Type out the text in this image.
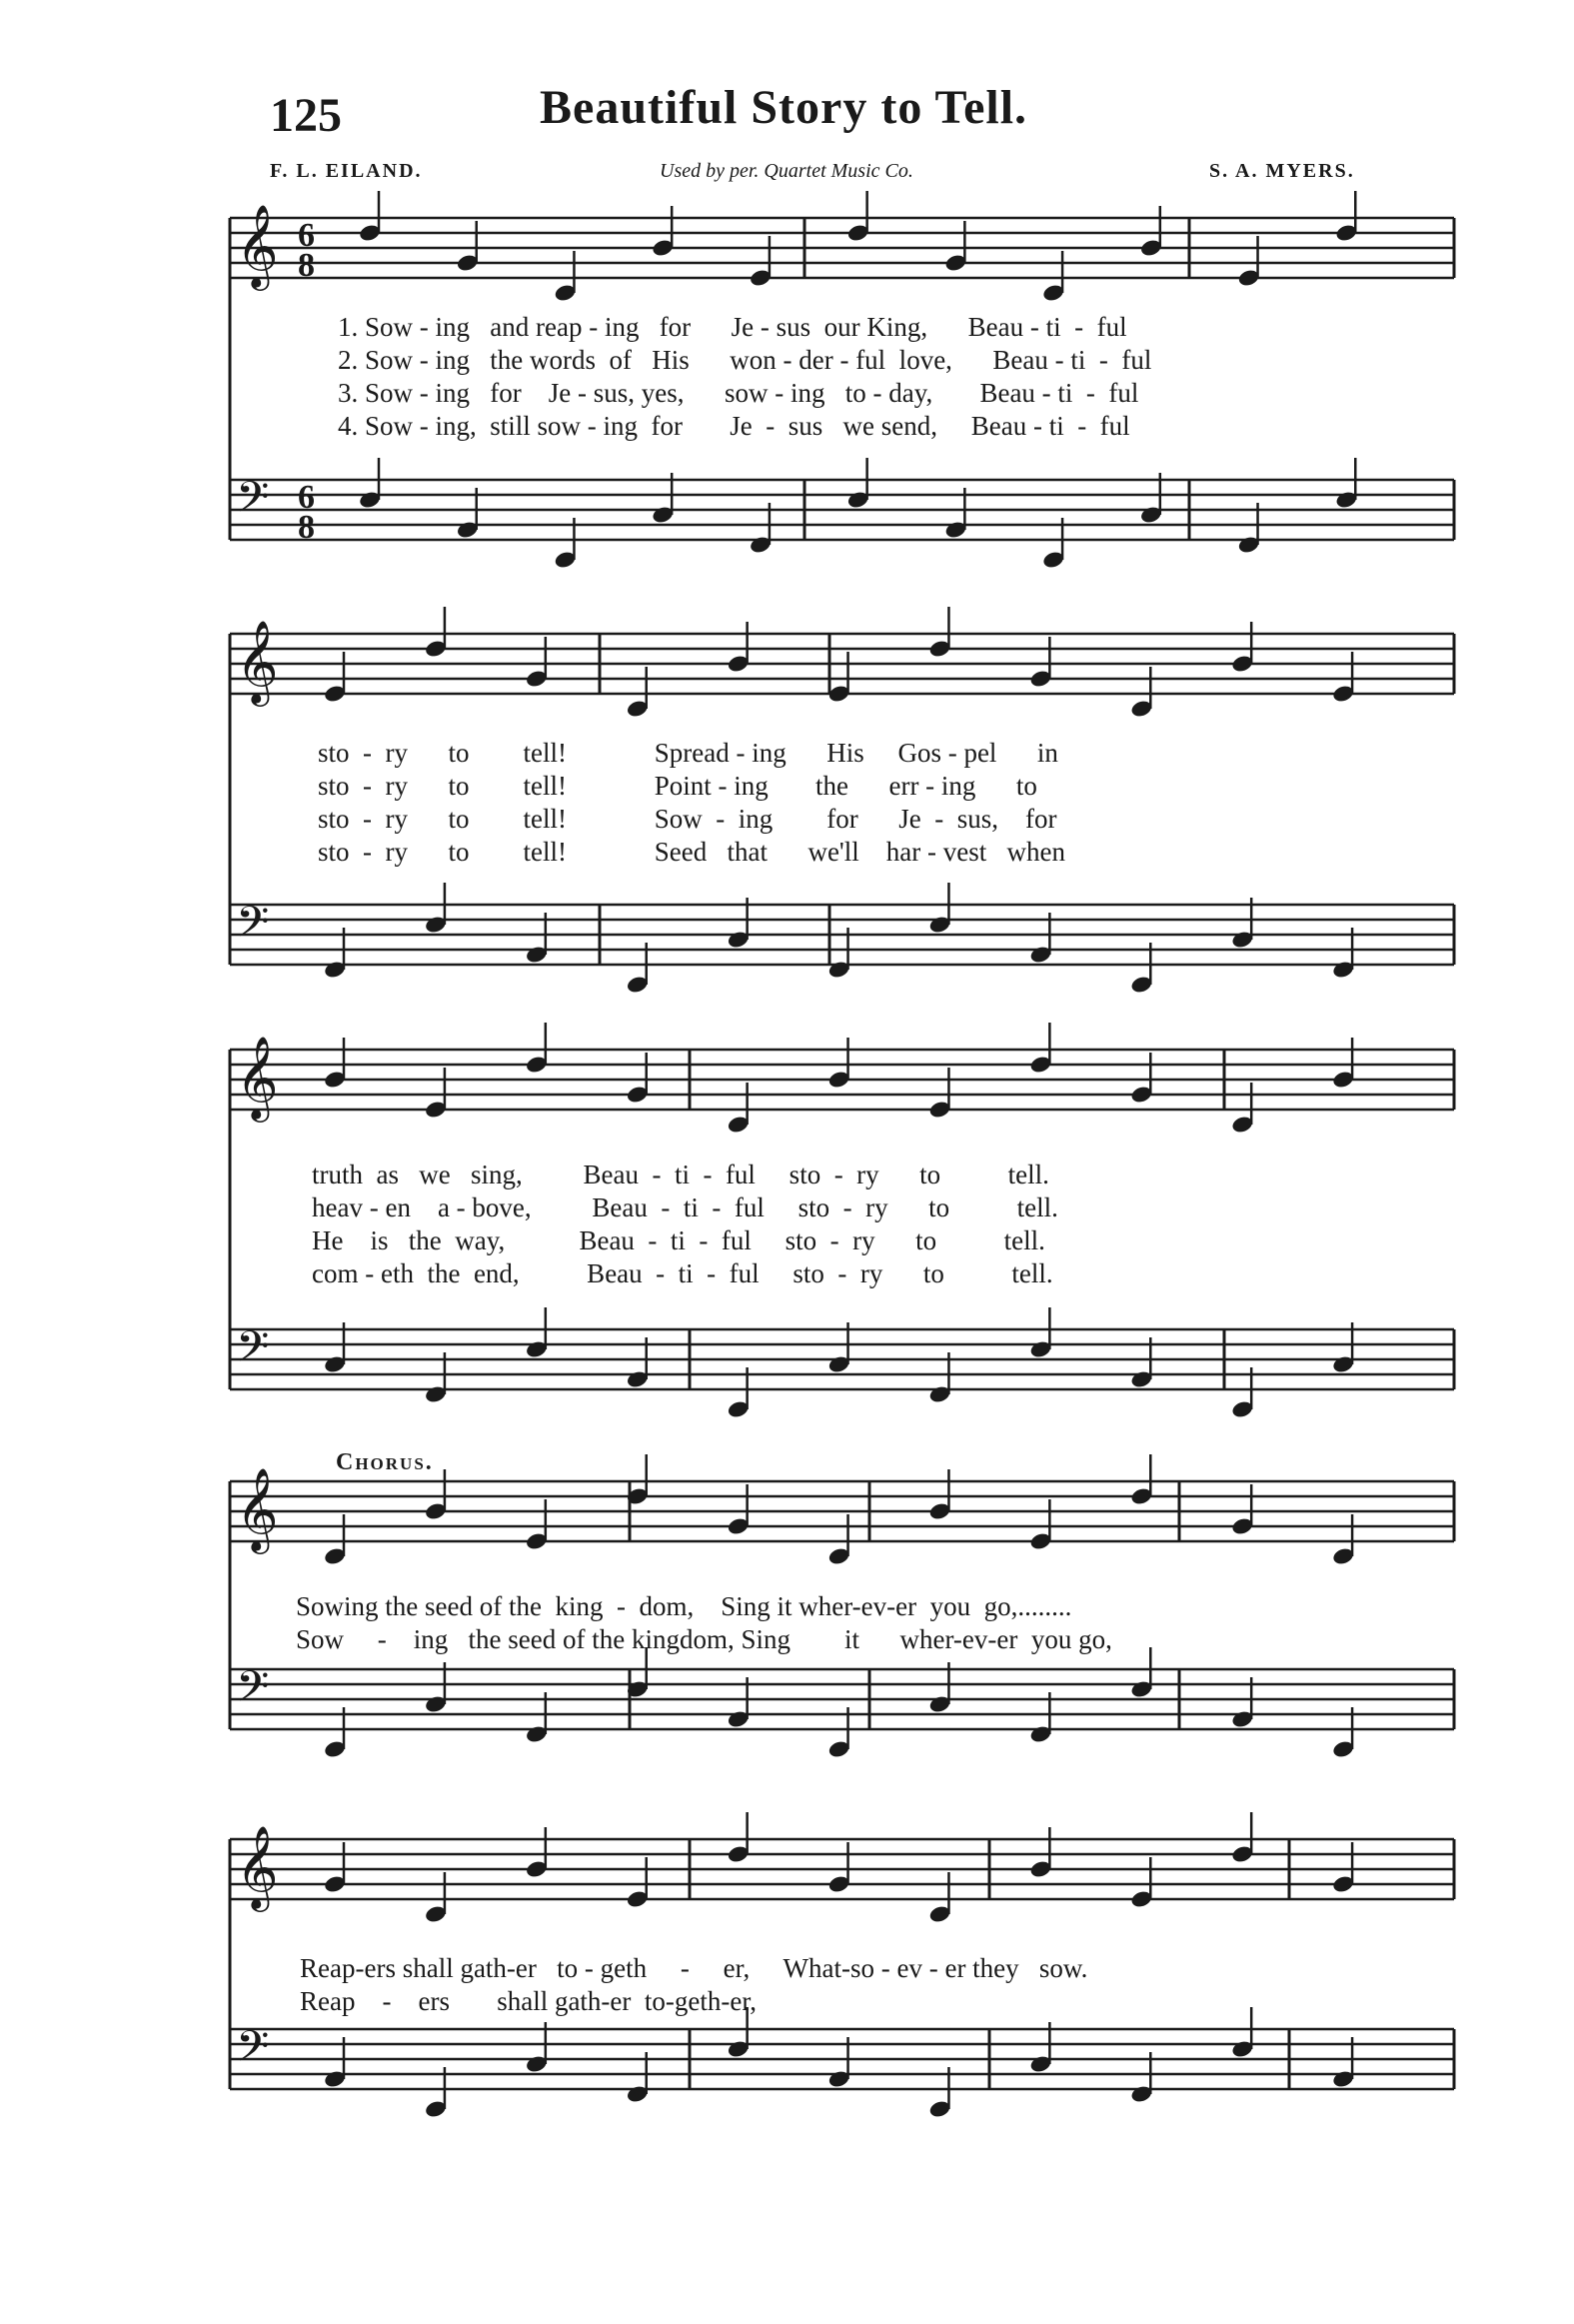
125	Beautiful Story to Tell.
F. L. EILAND.	Used by per. Quartet Music Co.	S. A. MYERS.
Chorus.
𝄞 6
8
𝄢 6
8
𝄞
𝄢
𝄞
𝄢
𝄞
𝄢
𝄞
𝄢
1. Sow - ing   and reap - ing   for      Je - sus  our King,      Beau - ti  -  ful
2. Sow - ing   the words  of   His      won - der - ful  love,      Beau - ti  -  ful
3. Sow - ing   for    Je - sus, yes,      sow - ing   to - day,       Beau - ti  -  ful
4. Sow - ing,  still sow - ing  for       Je  -  sus   we send,     Beau - ti  -  ful
sto  -  ry      to        tell!             Spread - ing      His     Gos - pel      in
sto  -  ry      to        tell!             Point - ing       the      err - ing      to
sto  -  ry      to        tell!             Sow  -  ing        for      Je  -  sus,    for
sto  -  ry      to        tell!             Seed   that      we'll    har - vest   when
truth  as   we   sing,         Beau  -  ti  -  ful     sto  -  ry      to          tell.
heav - en    a - bove,         Beau  -  ti  -  ful     sto  -  ry      to          tell.
He    is   the  way,           Beau  -  ti  -  ful     sto  -  ry      to          tell.
com - eth  the  end,          Beau  -  ti  -  ful     sto  -  ry      to          tell.
Sowing the seed of the  king  -  dom,    Sing it wher-ev-er  you  go,........
Sow     -    ing   the seed of the kingdom, Sing        it      wher-ev-er  you go,
Reap-ers shall gath-er   to - geth     -     er,     What-so - ev - er they   sow.
Reap    -    ers       shall gath-er  to-geth-er,
